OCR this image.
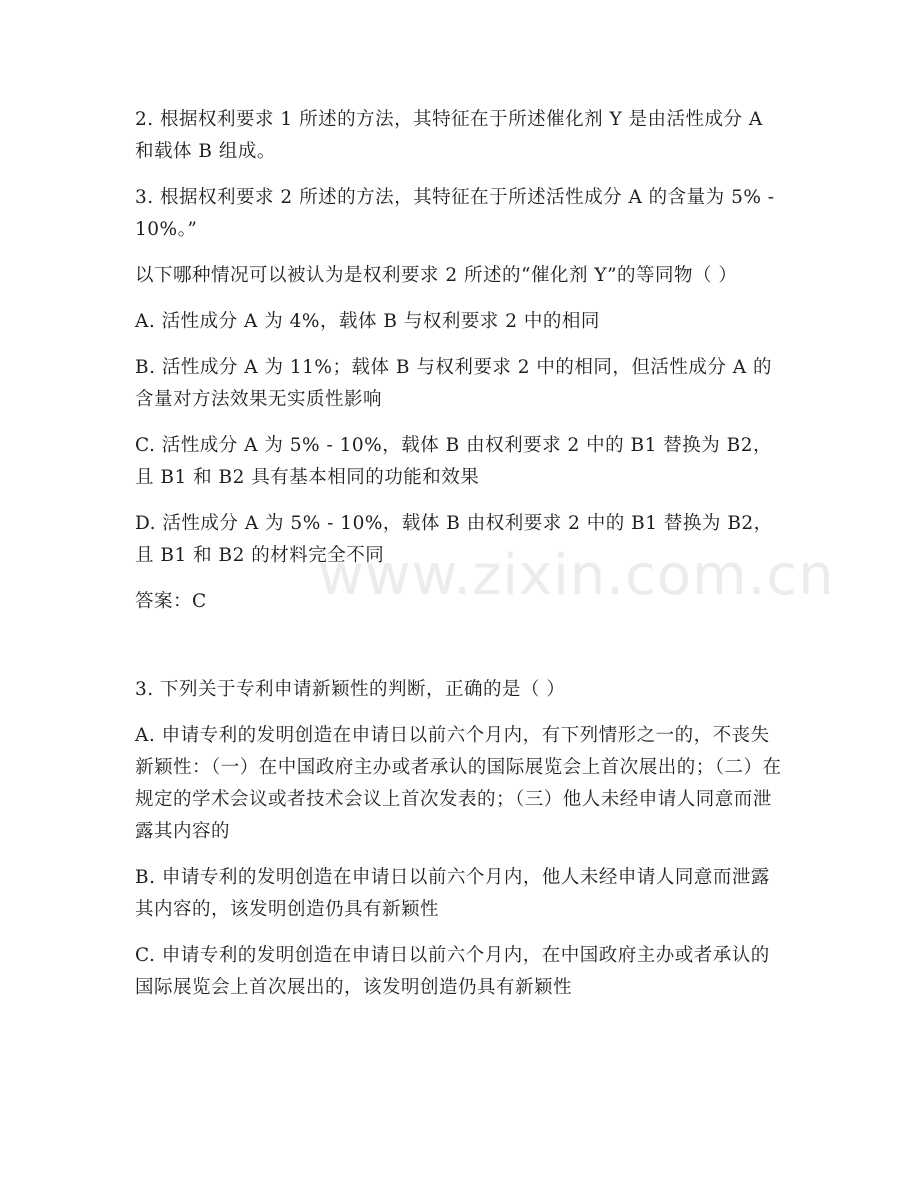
2. 根据权利要求 1 所述的方法，其特征在于所述催化剂 Y 是由活性成分 A 和载体 B 组成。

3. 根据权利要求 2 所述的方法，其特征在于所述活性成分 A 的含量为 5% - 10%。”

以下哪种情况可以被认为是权利要求 2 所述的“催化剂 Y”的等同物（ ）

A. 活性成分 A 为 4%，载体 B 与权利要求 2 中的相同

B. 活性成分 A 为 11%；载体 B 与权利要求 2 中的相同，但活性成分 A 的含量对方法效果无实质性影响

C. 活性成分 A 为 5% - 10%，载体 B 由权利要求 2 中的 B1 替换为 B2，且 B1 和 B2 具有基本相同的功能和效果

D. 活性成分 A 为 5% - 10%，载体 B 由权利要求 2 中的 B1 替换为 B2，且 B1 和 B2 的材料完全不同

答案：C

3. 下列关于专利申请新颖性的判断，正确的是（ ）

A. 申请专利的发明创造在申请日以前六个月内，有下列情形之一的，不丧失新颖性：（一）在中国政府主办或者承认的国际展览会上首次展出的；（二）在规定的学术会议或者技术会议上首次发表的；（三）他人未经申请人同意而泄露其内容的

B. 申请专利的发明创造在申请日以前六个月内，他人未经申请人同意而泄露其内容的，该发明创造仍具有新颖性

C. 申请专利的发明创造在申请日以前六个月内，在中国政府主办或者承认的国际展览会上首次展出的，该发明创造仍具有新颖性

www.zixin.com.cn
